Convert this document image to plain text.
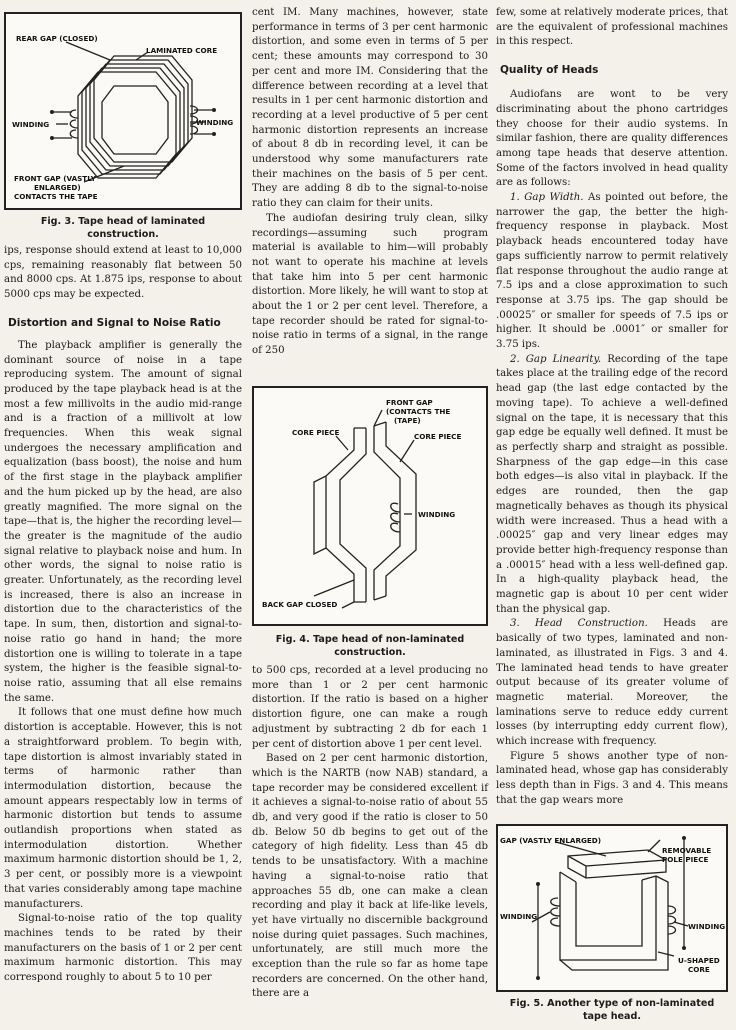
REAR GAP (CLOSED)
LAMINATED CORE
WINDING	WINDING
FRONT GAP (VASTLY
ENLARGED)
CONTACTS THE TAPE
Fig. 3. Tape head of laminated construction.

ips, response should extend at least to 10,000 cps, remaining reasonably flat between 50 and 8000 cps. At 1.875 ips, response to about 5000 cps may be expected.

Distortion and Signal to Noise Ratio

The playback amplifier is generally the dominant source of noise in a tape reproducing system. The amount of signal produced by the tape playback head is at the most a few millivolts in the audio mid-range and is a fraction of a millivolt at low frequencies. When this weak signal undergoes the necessary amplification and equalization (bass boost), the noise and hum of the first stage in the playback amplifier and the hum picked up by the head, are also greatly magnified. The more signal on the tape—that is, the higher the recording level—the greater is the magnitude of the audio signal relative to playback noise and hum. In other words, the signal to noise ratio is greater. Unfortunately, as the recording level is increased, there is also an increase in distortion due to the characteristics of the tape. In sum, then, distortion and signal-to-noise ratio go hand in hand; the more distortion one is willing to tolerate in a tape system, the higher is the feasible signal-to-noise ratio, assuming that all else remains the same.

It follows that one must define how much distortion is acceptable. However, this is not a straightforward problem. To begin with, tape distortion is almost invariably stated in terms of harmonic rather than intermodulation distortion, because the amount appears respectably low in terms of harmonic distortion but tends to assume outlandish proportions when stated as intermodulation distortion. Whether maximum harmonic distortion should be 1, 2, 3 per cent, or possibly more is a viewpoint that varies considerably among tape machine manufacturers.

Signal-to-noise ratio of the top quality machines tends to be rated by their manufacturers on the basis of 1 or 2 per cent maximum harmonic distortion. This may correspond roughly to about 5 to 10 per

cent IM. Many machines, however, state performance in terms of 3 per cent harmonic distortion, and some even in terms of 5 per cent; these amounts may correspond to 30 per cent and more IM. Considering that the difference between recording at a level that results in 1 per cent harmonic distortion and recording at a level productive of 5 per cent harmonic distortion represents an increase of about 8 db in recording level, it can be understood why some manufacturers rate their machines on the basis of 5 per cent. They are adding 8 db to the signal-to-noise ratio they can claim for their units.

The audiofan desiring truly clean, silky recordings—assuming such program material is available to him—will probably not want to operate his machine at levels that take him into 5 per cent harmonic distortion. More likely, he will want to stop at about the 1 or 2 per cent level. Therefore, a tape recorder should be rated for signal-to-noise ratio in terms of a signal, in the range of 250

FRONT GAP
(CONTACTS THE
(TAPE)
CORE PIECE	CORE PIECE
WINDING
BACK GAP CLOSED
Fig. 4. Tape head of non-laminated construction.

to 500 cps, recorded at a level producing no more than 1 or 2 per cent harmonic distortion. If the ratio is based on a higher distortion figure, one can make a rough adjustment by subtracting 2 db for each 1 per cent of distortion above 1 per cent level.

Based on 2 per cent harmonic distortion, which is the NARTB (now NAB) standard, a tape recorder may be considered excellent if it achieves a signal-to-noise ratio of about 55 db, and very good if the ratio is closer to 50 db. Below 50 db begins to get out of the category of high fidelity. Less than 45 db tends to be unsatisfactory. With a machine having a signal-to-noise ratio that approaches 55 db, one can make a clean recording and play it back at life-like levels, yet have virtually no discernible background noise during quiet passages. Such machines, unfortunately, are still much more the exception than the rule so far as home tape recorders are concerned. On the other hand, there are a

few, some at relatively moderate prices, that are the equivalent of professional machines in this respect.

Quality of Heads

Audiofans are wont to be very discriminating about the phono cartridges they choose for their audio systems. In similar fashion, there are quality differences among tape heads that deserve attention. Some of the factors involved in head quality are as follows:

1. Gap Width. As pointed out before, the narrower the gap, the better the high-frequency response in playback. Most playback heads encountered today have gaps sufficiently narrow to permit relatively flat response throughout the audio range at 7.5 ips and a close approximation to such response at 3.75 ips. The gap should be .00025″ or smaller for speeds of 7.5 ips or higher. It should be .0001″ or smaller for 3.75 ips.

2. Gap Linearity. Recording of the tape takes place at the trailing edge of the record head gap (the last edge contacted by the moving tape). To achieve a well-defined signal on the tape, it is necessary that this gap edge be equally well defined. It must be as perfectly sharp and straight as possible. Sharpness of the gap edge—in this case both edges—is also vital in playback. If the edges are rounded, then the gap magnetically behaves as though its physical width were increased. Thus a head with a .00025″ gap and very linear edges may provide better high-frequency response than a .00015″ head with a less well-defined gap. In a high-quality playback head, the magnetic gap is about 10 per cent wider than the physical gap.

3. Head Construction. Heads are basically of two types, laminated and non-laminated, as illustrated in Figs. 3 and 4. The laminated head tends to have greater output because of its greater volume of magnetic material. Moreover, the laminations serve to reduce eddy current losses (by interrupting eddy current flow), which increase with frequency.

Figure 5 shows another type of non-laminated head, whose gap has considerably less depth than in Figs. 3 and 4. This means that the gap wears more

GAP (VASTLY ENLARGED)
REMOVABLE
POLE PIECE
WINDING
WINDING
U-SHAPED
CORE
Fig. 5. Another type of non-laminated tape head.
